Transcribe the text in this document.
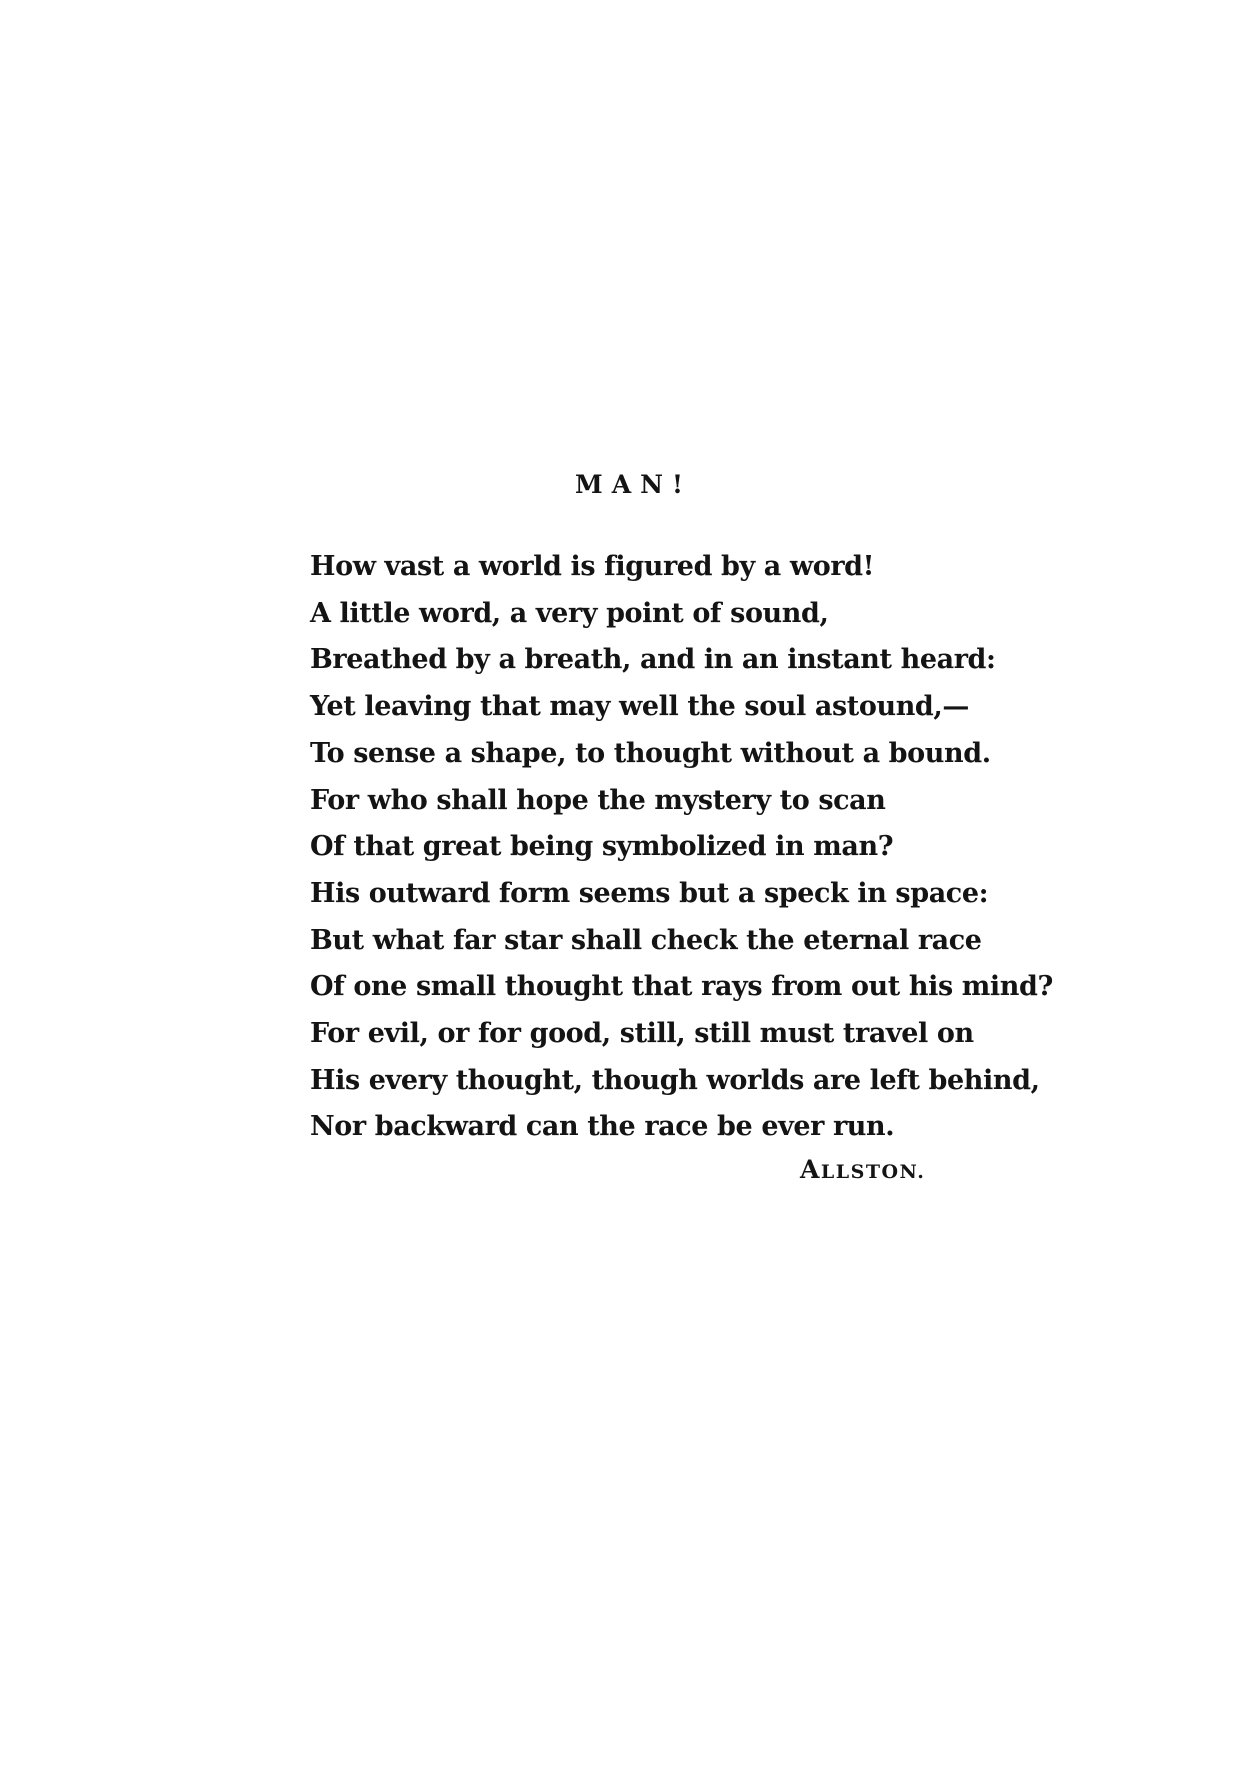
MAN!
How vast a world is figured by a word!
A little word, a very point of sound,
Breathed by a breath, and in an instant heard:
Yet leaving that may well the soul astound,—
To sense a shape, to thought without a bound.
For who shall hope the mystery to scan
Of that great being symbolized in man?
His outward form seems but a speck in space:
But what far star shall check the eternal race
Of one small thought that rays from out his mind?
For evil, or for good, still, still must travel on
His every thought, though worlds are left behind,
Nor backward can the race be ever run.
ALLSTON.
